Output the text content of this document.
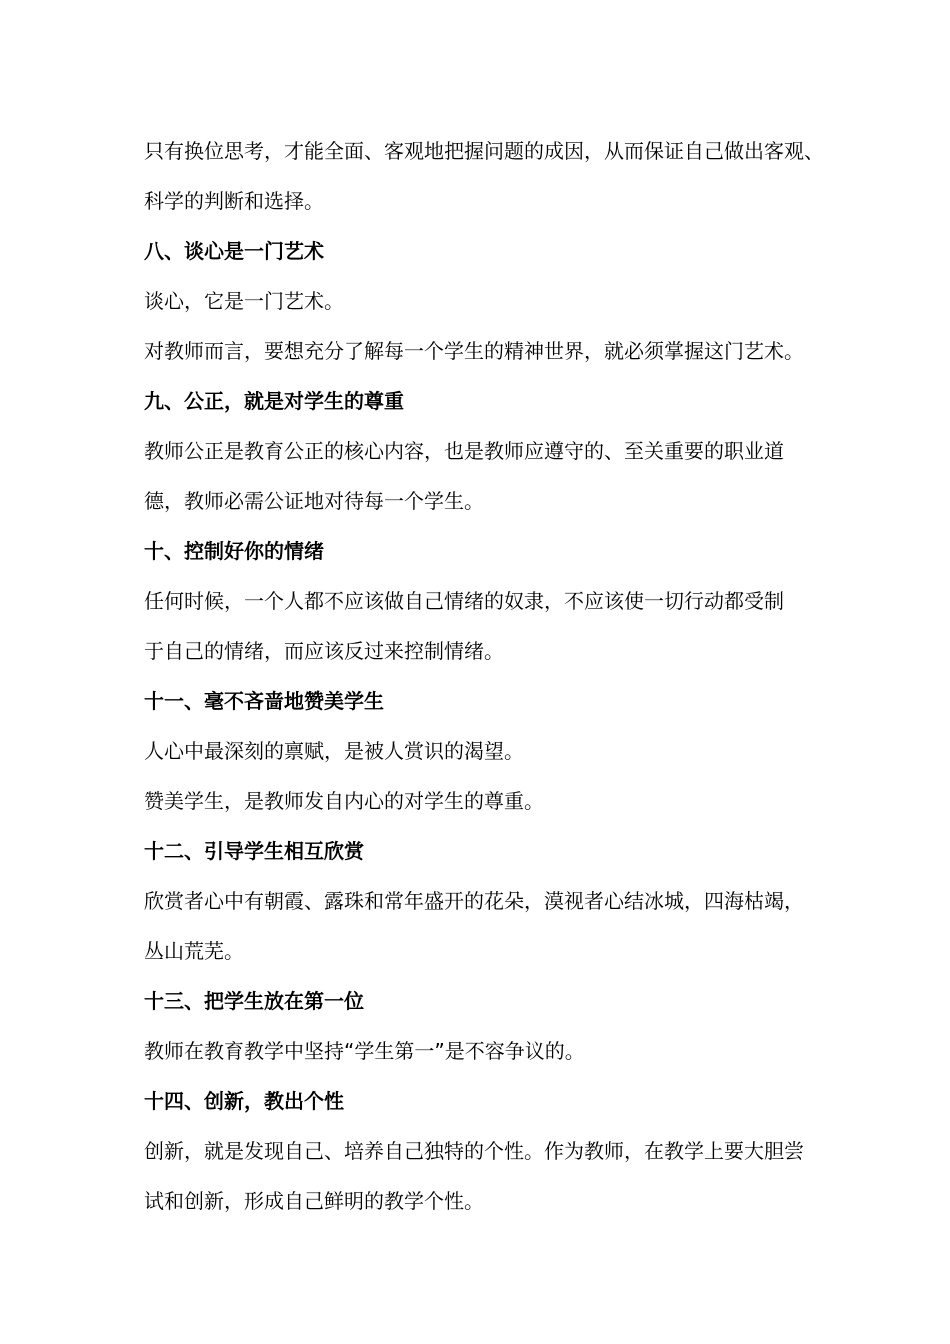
只有换位思考，才能全面、客观地把握问题的成因，从而保证自己做出客观、

科学的判断和选择。

八、谈心是一门艺术

谈心，它是一门艺术。

对教师而言，要想充分了解每一个学生的精神世界，就必须掌握这门艺术。

九、公正，就是对学生的尊重

教师公正是教育公正的核心内容，也是教师应遵守的、至关重要的职业道

德，教师必需公证地对待每一个学生。

十、控制好你的情绪

任何时候，一个人都不应该做自己情绪的奴隶，不应该使一切行动都受制

于自己的情绪，而应该反过来控制情绪。

十一、毫不吝啬地赞美学生

人心中最深刻的禀赋，是被人赏识的渴望。

赞美学生，是教师发自内心的对学生的尊重。

十二、引导学生相互欣赏

欣赏者心中有朝霞、露珠和常年盛开的花朵，漠视者心结冰城，四海枯竭，

丛山荒芜。

十三、把学生放在第一位

教师在教育教学中坚持“学生第一”是不容争议的。

十四、创新，教出个性

创新，就是发现自己、培养自己独特的个性。作为教师，在教学上要大胆尝

试和创新，形成自己鲜明的教学个性。
